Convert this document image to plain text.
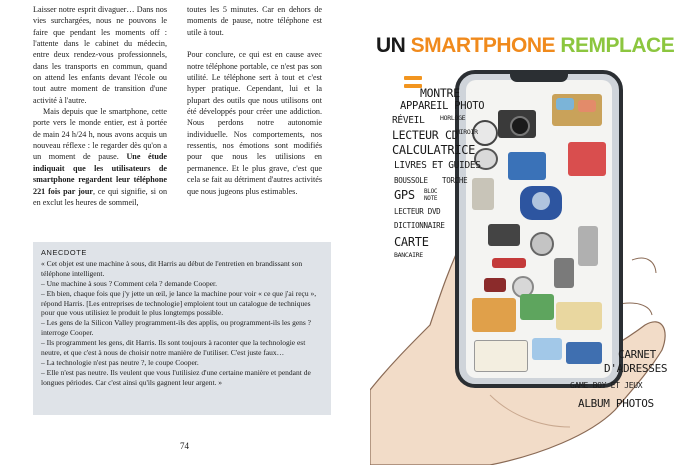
Laisser notre esprit divaguer… Dans nos vies surchargées, nous ne pouvons le faire que pendant les moments off : l'attente dans le cabinet du médecin, entre deux rendez-vous professionnels, dans les transports en commun, quand on attend les enfants devant l'école ou tout autre moment de transition d'une activité à l'autre.

Mais depuis que le smartphone, cette porte vers le monde entier, est à portée de main 24 h/24 h, nous avons acquis un nouveau réflexe : le regarder dès qu'on a un moment de pause. Une étude indiquait que les utilisateurs de smartphone regardent leur téléphone 221 fois par jour, ce qui signifie, si on en exclut les heures de sommeil,

toutes les 5 minutes. Car en dehors de moments de pause, notre téléphone est utile à tout.

Pour conclure, ce qui est en cause avec notre téléphone portable, ce n'est pas son utilité. Le téléphone sert à tout et c'est hyper pratique. Cependant, lui et la plupart des outils que nous utilisons ont été développés pour créer une addiction. Nous perdons notre autonomie individuelle. Nos comportements, nos ressentis, nos émotions sont modifiés pour que nous les utilisions en permanence. Et le plus grave, c'est que cela se fait au détriment d'autres activités que nous jugeons plus estimables.

ANECDOTE

« Cet objet est une machine à sous, dit Harris au début de l'entretien en brandissant son téléphone intelligent.

– Une machine à sous ? Comment cela ? demande Cooper.

– Eh bien, chaque fois que j'y jette un œil, je lance la machine pour voir « ce que j'ai reçu », répond Harris. [Les entreprises de technologie] emploient tout un catalogue de techniques pour que vous utilisiez le produit le plus longtemps possible.

– Les gens de la Silicon Valley programment-ils des applis, ou programment-ils les gens ? interroge Cooper.

– Ils programment les gens, dit Harris. Ils sont toujours à raconter que la technologie est neutre, et que c'est à nous de choisir notre manière de l'utiliser. C'est juste faux…

– La technologie n'est pas neutre ?, le coupe Cooper.

– Elle n'est pas neutre. Ils veulent que vous l'utilisiez d'une certaine manière et pendant de longues périodes. Car c'est ainsi qu'ils gagnent leur argent. »

74
UN SMARTPHONE REMPLACE
MONTRE
APPAREIL PHOTO
RÉVEIL HORLOGE
LECTEUR CD
MIROIR
CALCULATRICE
LIVRES ET GUIDES
BOUSSOLE TORCHE
GPS BLOC
NOTE
LECTEUR DVD
DICTIONNAIRE
CARTE
BANCAIRE
CARNET
D'ADRESSES
GAME BOY ET JEUX
ALBUM PHOTOS
